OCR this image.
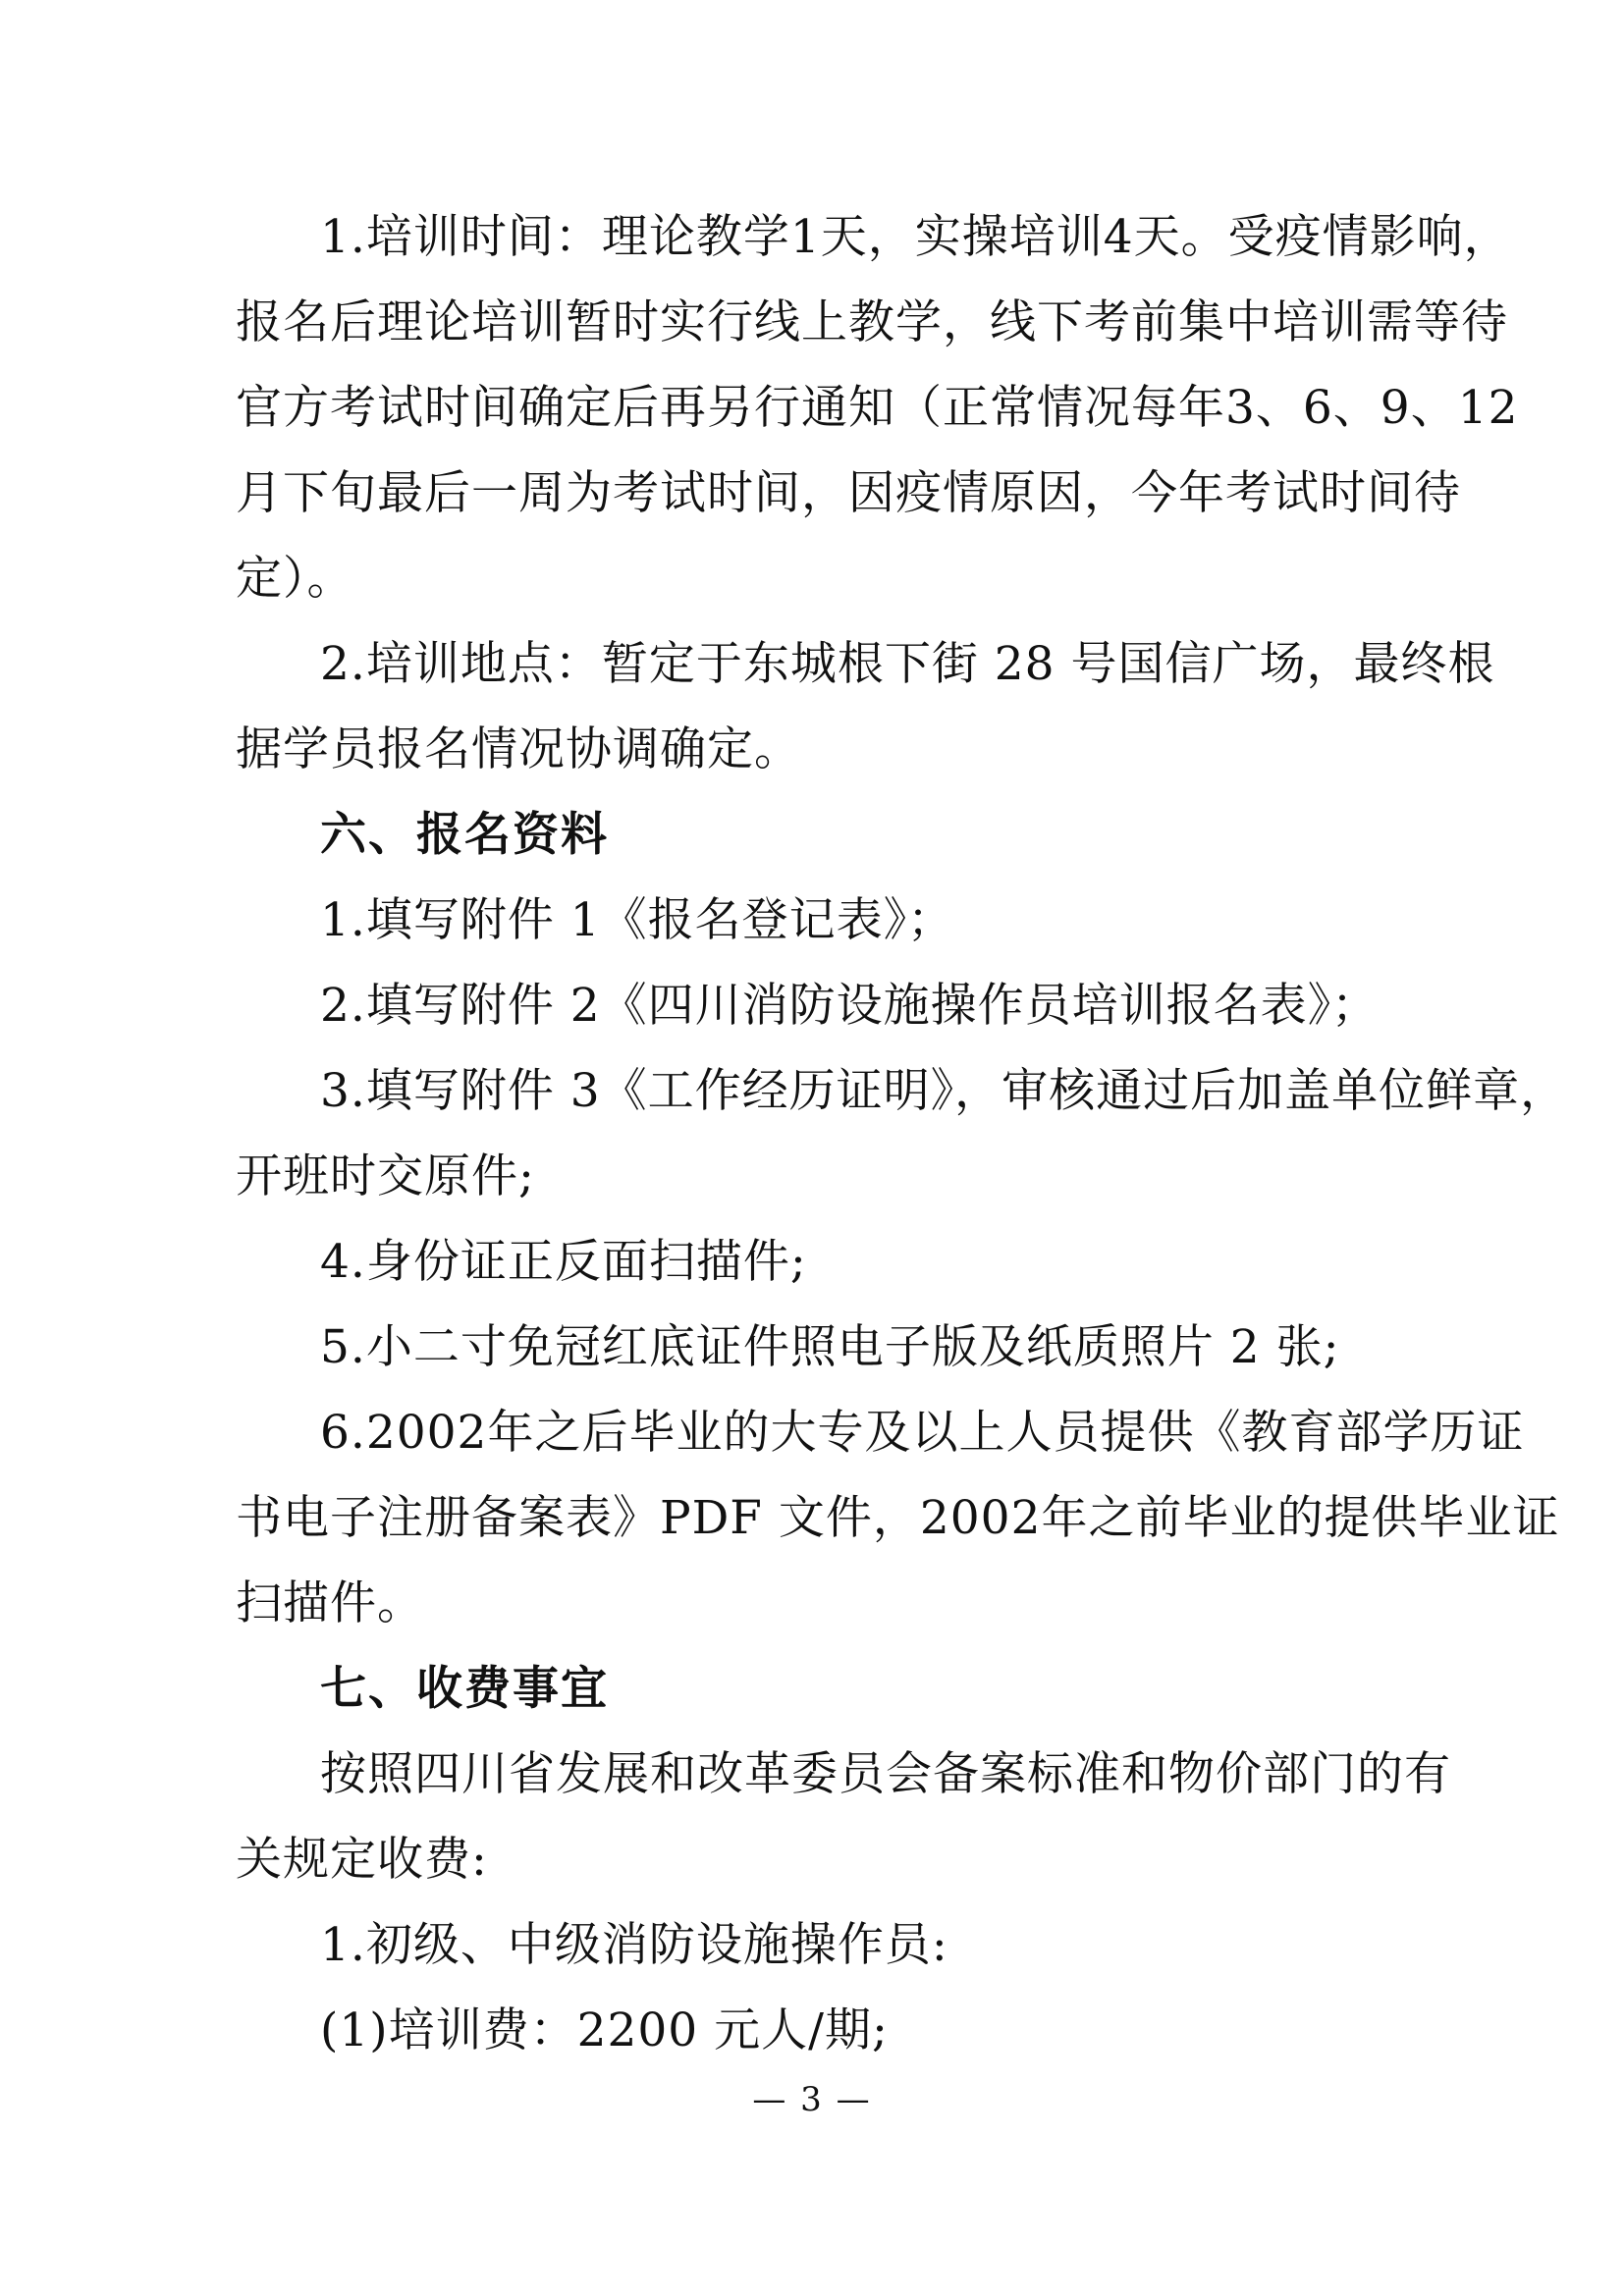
1.培训时间：理论教学1天，实操培训4天。受疫情影响，
报名后理论培训暂时实行线上教学，线下考前集中培训需等待
官方考试时间确定后再另行通知（正常情况每年3、6、9、12
月下旬最后一周为考试时间，因疫情原因，今年考试时间待
定）。
2.培训地点：暂定于东城根下街 28 号国信广场，最终根
据学员报名情况协调确定。
六、报名资料
1.填写附件 1《报名登记表》；
2.填写附件 2《四川消防设施操作员培训报名表》；
3.填写附件 3《工作经历证明》，审核通过后加盖单位鲜章，
开班时交原件;
4.身份证正反面扫描件;
5.小二寸免冠红底证件照电子版及纸质照片 2 张;
6.2002年之后毕业的大专及以上人员提供《教育部学历证
书电子注册备案表》PDF 文件，2002年之前毕业的提供毕业证
扫描件。
七、收费事宜
按照四川省发展和改革委员会备案标准和物价部门的有
关规定收费:
1.初级、中级消防设施操作员:
(1)培训费：2200 元人/期;
— 3 —
